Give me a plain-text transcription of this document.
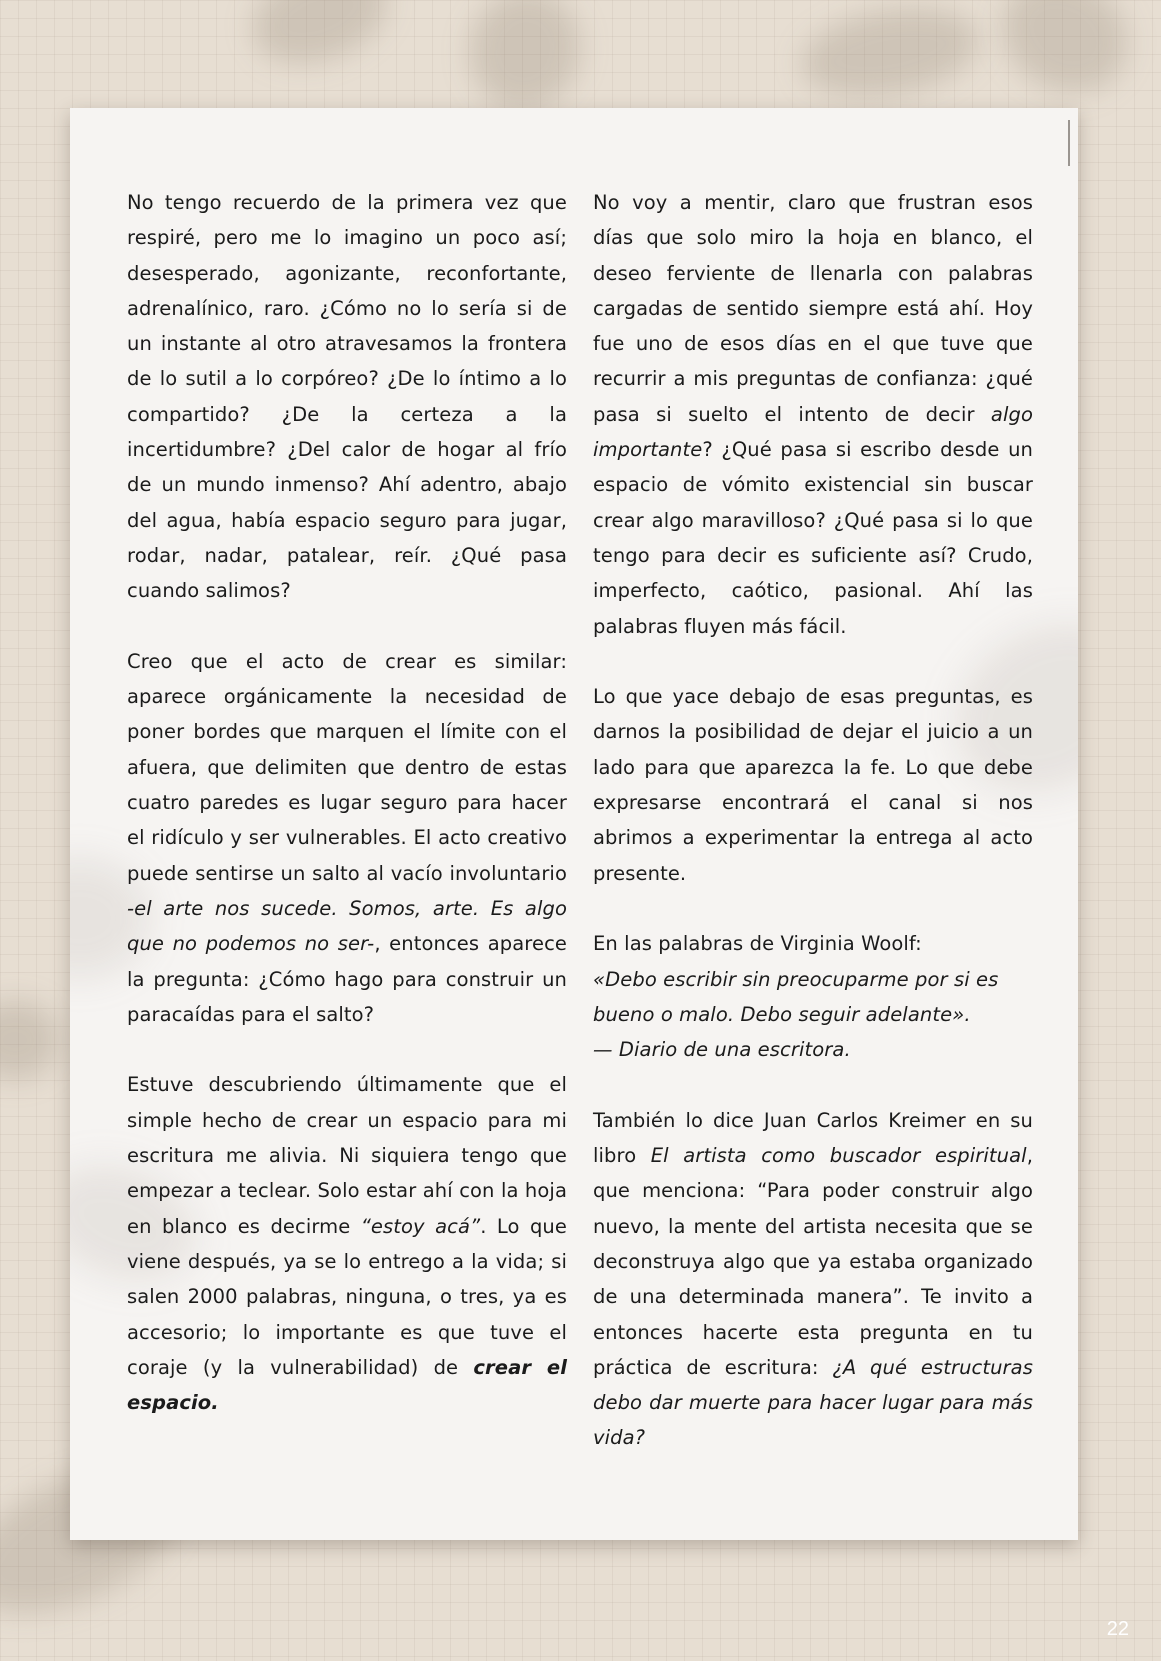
No tengo recuerdo de la primera vez que respiré, pero me lo imagino un poco así; desesperado, agonizante, reconfortante, adrenalínico, raro. ¿Cómo no lo sería si de un instante al otro atravesamos la frontera de lo sutil a lo corpóreo? ¿De lo íntimo a lo compartido? ¿De la certeza a la incertidumbre? ¿Del calor de hogar al frío de un mundo inmenso? Ahí adentro, abajo del agua, había espacio seguro para jugar, rodar, nadar, patalear, reír. ¿Qué pasa cuando salimos?

Creo que el acto de crear es similar: aparece orgánicamente la necesidad de poner bordes que marquen el límite con el afuera, que delimiten que dentro de estas cuatro paredes es lugar seguro para hacer el ridículo y ser vulnerables. El acto creativo puede sentirse un salto al vacío involuntario -el arte nos sucede. Somos, arte. Es algo que no podemos no ser-, entonces aparece la pregunta: ¿Cómo hago para construir un paracaídas para el salto?

Estuve descubriendo últimamente que el simple hecho de crear un espacio para mi escritura me alivia. Ni siquiera tengo que empezar a teclear. Solo estar ahí con la hoja en blanco es decirme “estoy acá”. Lo que viene después, ya se lo entrego a la vida; si salen 2000 palabras, ninguna, o tres, ya es accesorio; lo importante es que tuve el coraje (y la vulnerabilidad) de crear el espacio.

No voy a mentir, claro que frustran esos días que solo miro la hoja en blanco, el deseo ferviente de llenarla con palabras cargadas de sentido siempre está ahí. Hoy fue uno de esos días en el que tuve que recurrir a mis preguntas de confianza: ¿qué pasa si suelto el intento de decir algo importante? ¿Qué pasa si escribo desde un espacio de vómito existencial sin buscar crear algo maravilloso? ¿Qué pasa si lo que tengo para decir es suficiente así? Crudo, imperfecto, caótico, pasional. Ahí las palabras fluyen más fácil.

Lo que yace debajo de esas preguntas, es darnos la posibilidad de dejar el juicio a un lado para que aparezca la fe. Lo que debe expresarse encontrará el canal si nos abrimos a experimentar la entrega al acto presente.

En las palabras de Virginia Woolf:
«Debo escribir sin preocuparme por si es bueno o malo. Debo seguir adelante».
— Diario de una escritora.

También lo dice Juan Carlos Kreimer en su libro El artista como buscador espiritual, que menciona: “Para poder construir algo nuevo, la mente del artista necesita que se deconstruya algo que ya estaba organizado de una determinada manera”. Te invito a entonces hacerte esta pregunta en tu práctica de escritura: ¿A qué estructuras debo dar muerte para hacer lugar para más vida?

22
